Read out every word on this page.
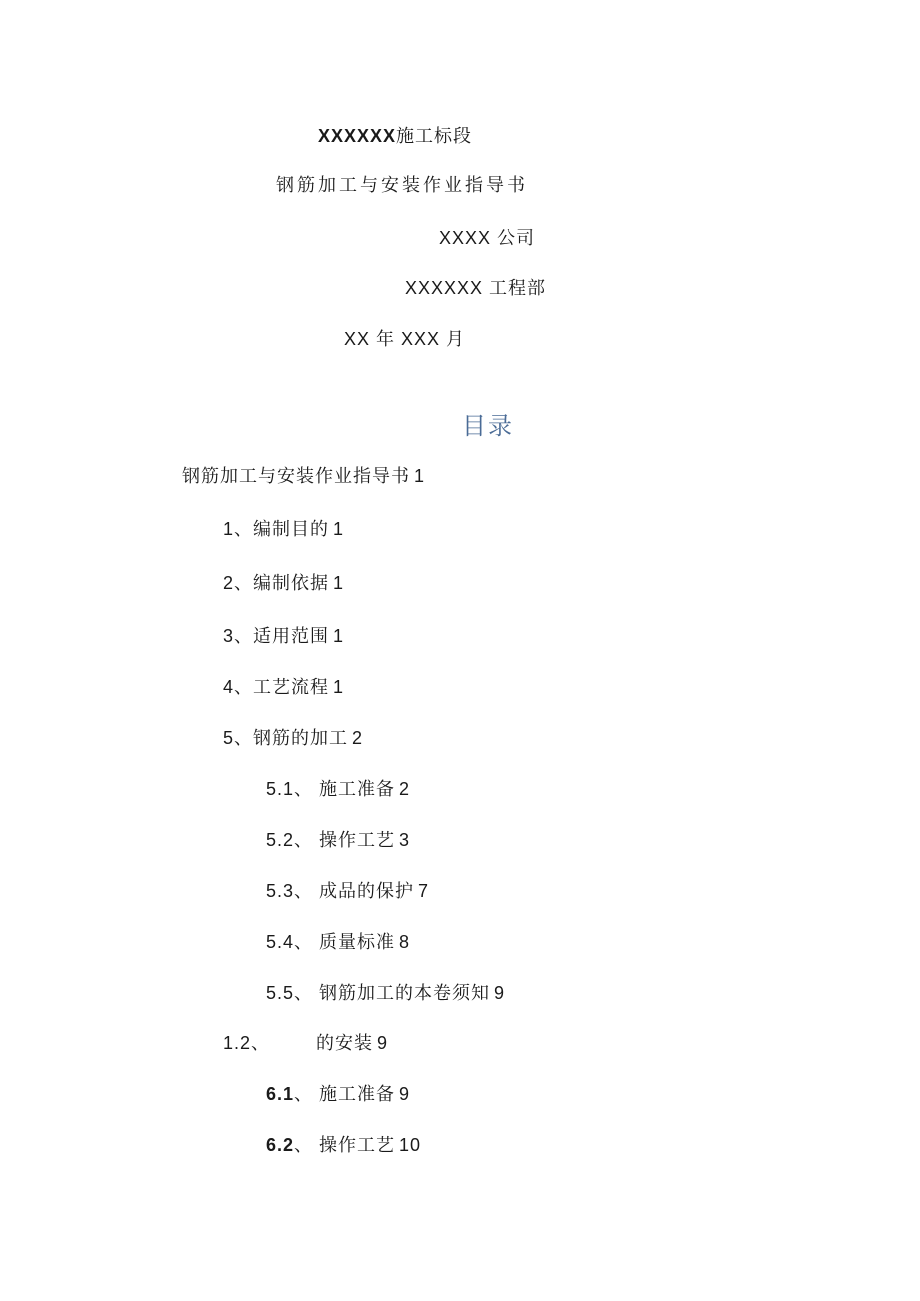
XXXXXX施工标段
钢筋加工与安装作业指导书
XXXX 公司
XXXXXX 工程部
XX 年 XXX 月
目录
钢筋加工与安装作业指导书 1
1、编制目的 1
2、编制依据 1
3、适用范围 1
4、工艺流程 1
5、钢筋的加工 2
5.1、 施工准备 2
5.2、 操作工艺 3
5.3、 成品的保护 7
5.4、 质量标准 8
5.5、 钢筋加工的本卷须知 9
1.2、	的安装 9
6.1、 施工准备 9
6.2、 操作工艺 10
